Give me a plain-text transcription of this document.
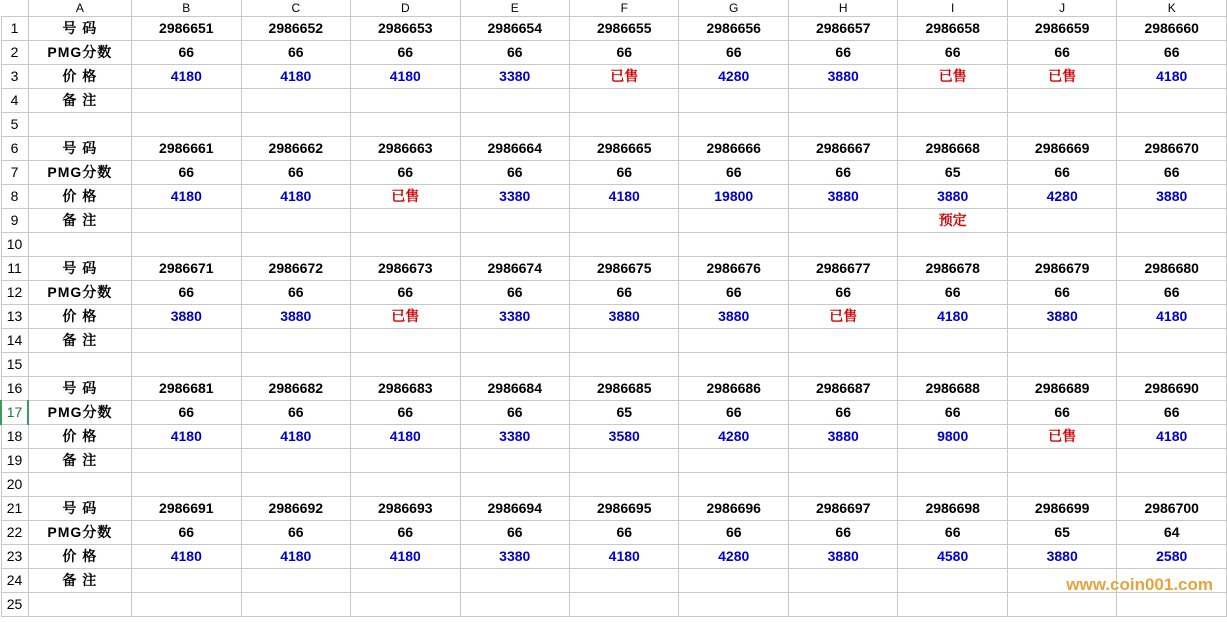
	A	B	C	D	E	F	G	H	I	J	K
1	号 码	2986651	2986652	2986653	2986654	2986655	2986656	2986657	2986658	2986659	2986660
2	PMG分数	66	66	66	66	66	66	66	66	66	66
3	价 格	4180	4180	4180	3380	已售	4280	3880	已售	已售	4180
4	备 注										
5											
6	号 码	2986661	2986662	2986663	2986664	2986665	2986666	2986667	2986668	2986669	2986670
7	PMG分数	66	66	66	66	66	66	66	65	66	66
8	价 格	4180	4180	已售	3380	4180	19800	3880	3880	4280	3880
9	备 注								预定		
10											
11	号 码	2986671	2986672	2986673	2986674	2986675	2986676	2986677	2986678	2986679	2986680
12	PMG分数	66	66	66	66	66	66	66	66	66	66
13	价 格	3880	3880	已售	3380	3880	3880	已售	4180	3880	4180
14	备 注										
15											
16	号 码	2986681	2986682	2986683	2986684	2986685	2986686	2986687	2986688	2986689	2986690
17	PMG分数	66	66	66	66	65	66	66	66	66	66
18	价 格	4180	4180	4180	3380	3580	4280	3880	9800	已售	4180
19	备 注										
20											
21	号 码	2986691	2986692	2986693	2986694	2986695	2986696	2986697	2986698	2986699	2986700
22	PMG分数	66	66	66	66	66	66	66	66	65	64
23	价 格	4180	4180	4180	3380	4180	4280	3880	4580	3880	2580
24	备 注										
25											
www.coin001.com
